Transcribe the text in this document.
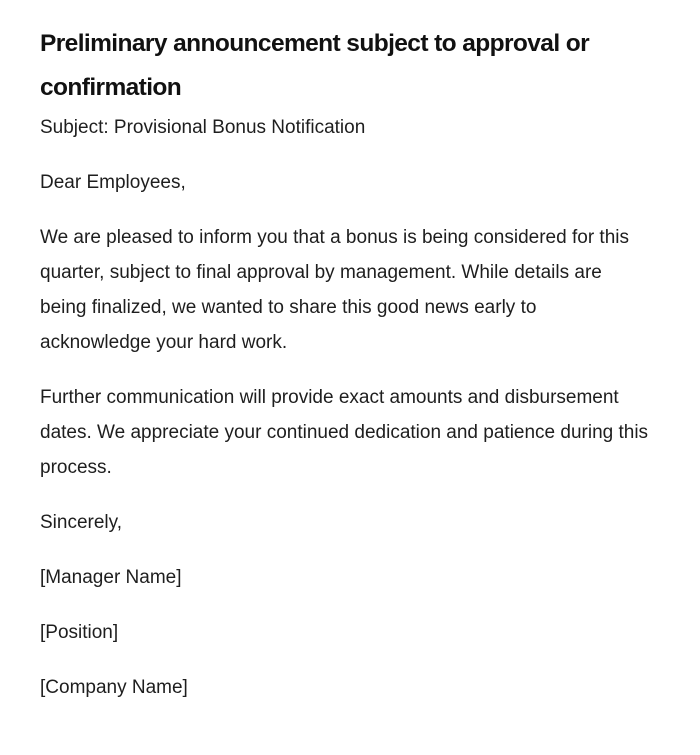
Preliminary announcement subject to approval or confirmation

Subject: Provisional Bonus Notification

Dear Employees,

We are pleased to inform you that a bonus is being considered for this quarter, subject to final approval by management. While details are being finalized, we wanted to share this good news early to acknowledge your hard work.

Further communication will provide exact amounts and disbursement dates. We appreciate your continued dedication and patience during this process.

Sincerely,

[Manager Name]

[Position]

[Company Name]
